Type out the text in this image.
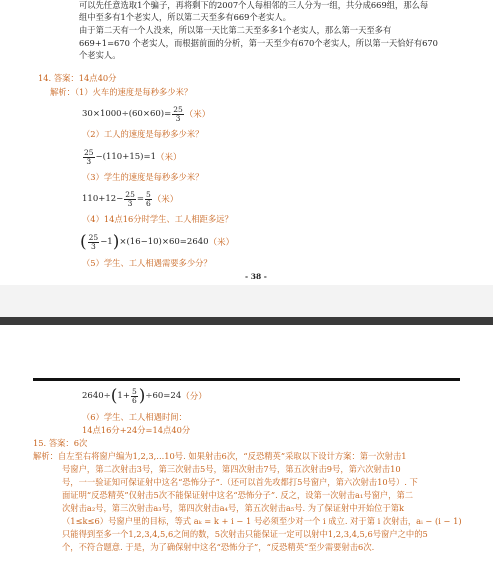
可以先任意选取1个骗子，再将剩下的2007个人每相邻的三人分为一组，共分成669组，那么每
组中至多有1个老实人，所以第二天至多有669个老实人。
由于第二天有一个人没来，所以第一天比第二天至多多1个老实人，那么第一天至多有
669+1=670 个老实人，而根据前面的分析，第一天至少有670个老实人，所以第一天恰好有670
个老实人。
14. 答案：14点40分
解析：（1）火车的速度是每秒多少米？
$30\times 1000\div(60\times 60)= \frac{25}{3}$ （米）
（2）工人的速度是每秒多少米？
$\frac{25}{3} -(110+15)=1$ （米）
（3）学生的速度是每秒多少米？
$110+12- \frac{25}{3} = \frac{5}{6}$ （米）
（4）14点16分时学生、工人相距多远？
( $\frac{25}{3} -1$ ) ×(16−10)×60=2640 （米）
（5）学生、工人相遇需要多少分？
- 38 -
2640÷ ( $1+ \frac{5}{6}$ ) ÷60=24 （分）
（6）学生、工人相遇时间：
14点16分+24分=14点40分
15. 答案：6次
解析：自左至右将窗户编为1,2,3,...10号. 如果射击6次，“反恐精英”采取以下设计方案：第一次射击1
号窗户，第二次射击3号，第三次射击5号，第四次射击7号，第五次射击9号，第六次射击10
号，一一验证知可保证射中这名“恐怖分子”.（还可以首先攻都打5号窗户，第六次射击10号）. 下
面证明“反恐精英”仅射击5次不能保证射中这名“恐怖分子”. 反之，设第一次射击a₁号窗户，第二
次射击a₂号，第三次射击a₃号，第四次射击a₄号，第五次射击a₅号. 为了保证射中开始位于第k
（1≤k≤6）号窗户里的目标，等式 aₖ = k + i − 1 号必须至少对一个 i 成立. 对于第 i 次射击，aᵢ − (i − 1)
只能得到至多一个1,2,3,4,5,6之间的数，5次射击只能保证一定可以射中1,2,3,4,5,6号窗户之中的5
个，不符合题意. 于是，为了确保射中这名“恐怖分子”，“反恐精英”至少需要射击6次.
